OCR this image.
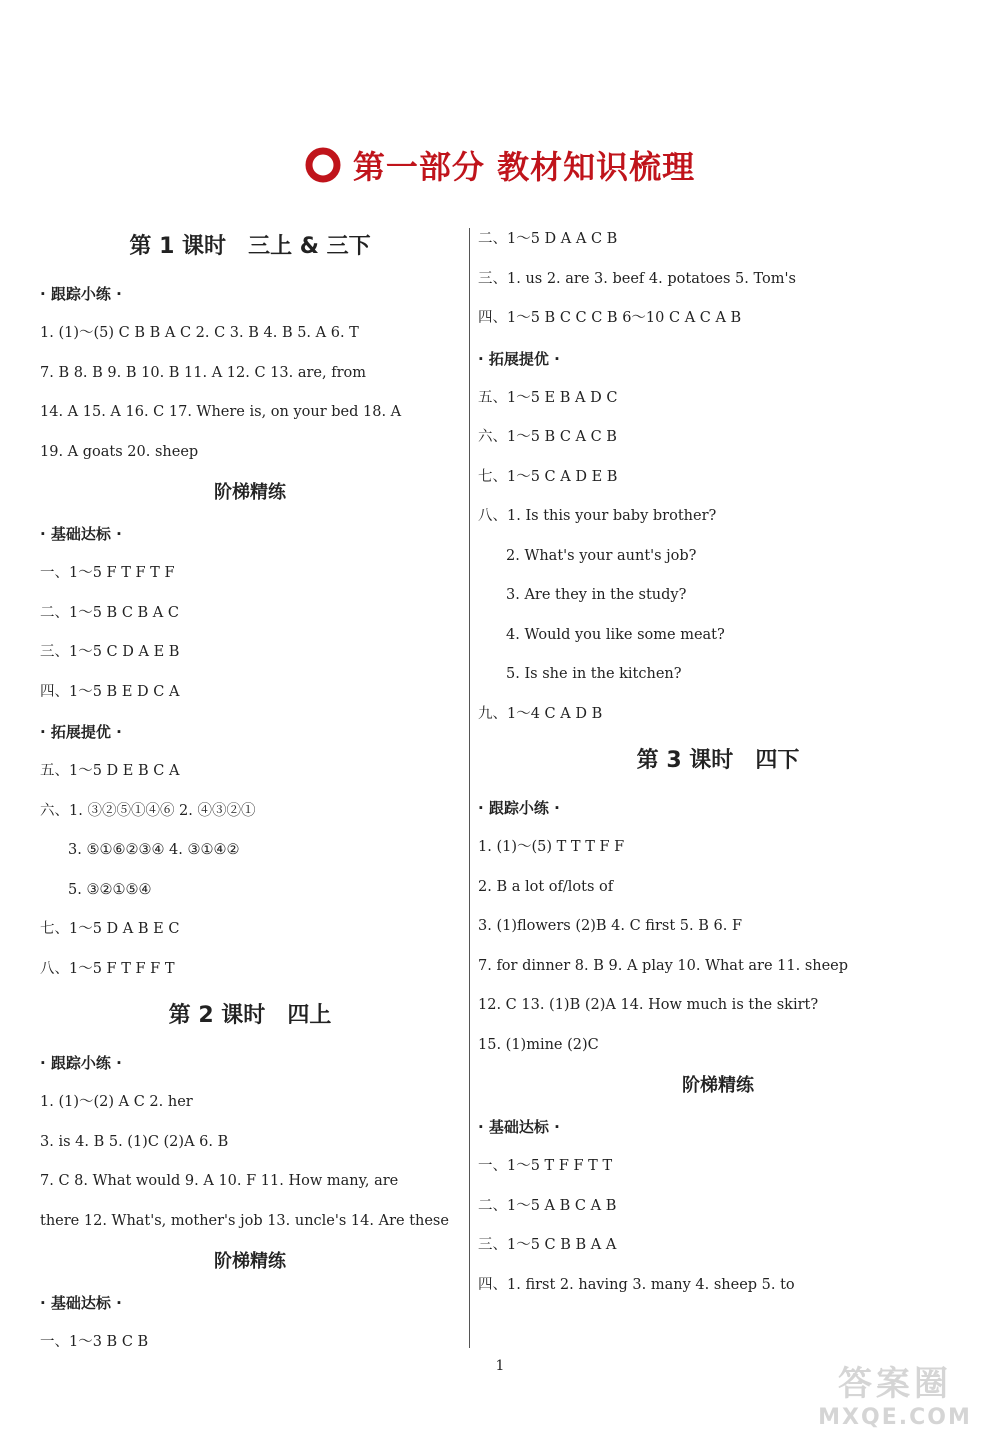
第一部分 教材知识梳理
第 1 课时 三上 & 三下
· 跟踪小练 ·
1. (1)～(5) C B B A C 2. C 3. B 4. B 5. A 6. T
7. B 8. B 9. B 10. B 11. A 12. C 13. are, from
14. A 15. A 16. C 17. Where is, on your bed 18. A
19. A goats 20. sheep
阶梯精练
· 基础达标 ·
一、1～5 F T F T F
二、1～5 B C B A C
三、1～5 C D A E B
四、1～5 B E D C A
· 拓展提优 ·
五、1～5 D E B C A
六、1. ③②⑤①④⑥ 2. ④③②①
3. ⑤①⑥②③④ 4. ③①④②
5. ③②①⑤④
七、1～5 D A B E C
八、1～5 F T F F T
第 2 课时 四上
· 跟踪小练 ·
1. (1)～(2) A C 2. her
3. is 4. B 5. (1)C (2)A 6. B
7. C 8. What would 9. A 10. F 11. How many, are
there 12. What's, mother's job 13. uncle's 14. Are these
阶梯精练
· 基础达标 ·
一、1～3 B C B
二、1～5 D A A C B
三、1. us 2. are 3. beef 4. potatoes 5. Tom's
四、1～5 B C C C B 6～10 C A C A B
· 拓展提优 ·
五、1～5 E B A D C
六、1～5 B C A C B
七、1～5 C A D E B
八、1. Is this your baby brother?
2. What's your aunt's job?
3. Are they in the study?
4. Would you like some meat?
5. Is she in the kitchen?
九、1～4 C A D B
第 3 课时 四下
· 跟踪小练 ·
1. (1)～(5) T T T F F
2. B a lot of/lots of
3. (1)flowers (2)B 4. C first 5. B 6. F
7. for dinner 8. B 9. A play 10. What are 11. sheep
12. C 13. (1)B (2)A 14. How much is the skirt?
15. (1)mine (2)C
阶梯精练
· 基础达标 ·
一、1～5 T F F T T
二、1～5 A B C A B
三、1～5 C B B A A
四、1. first 2. having 3. many 4. sheep 5. to
1	答案圈
MXQE.COM
